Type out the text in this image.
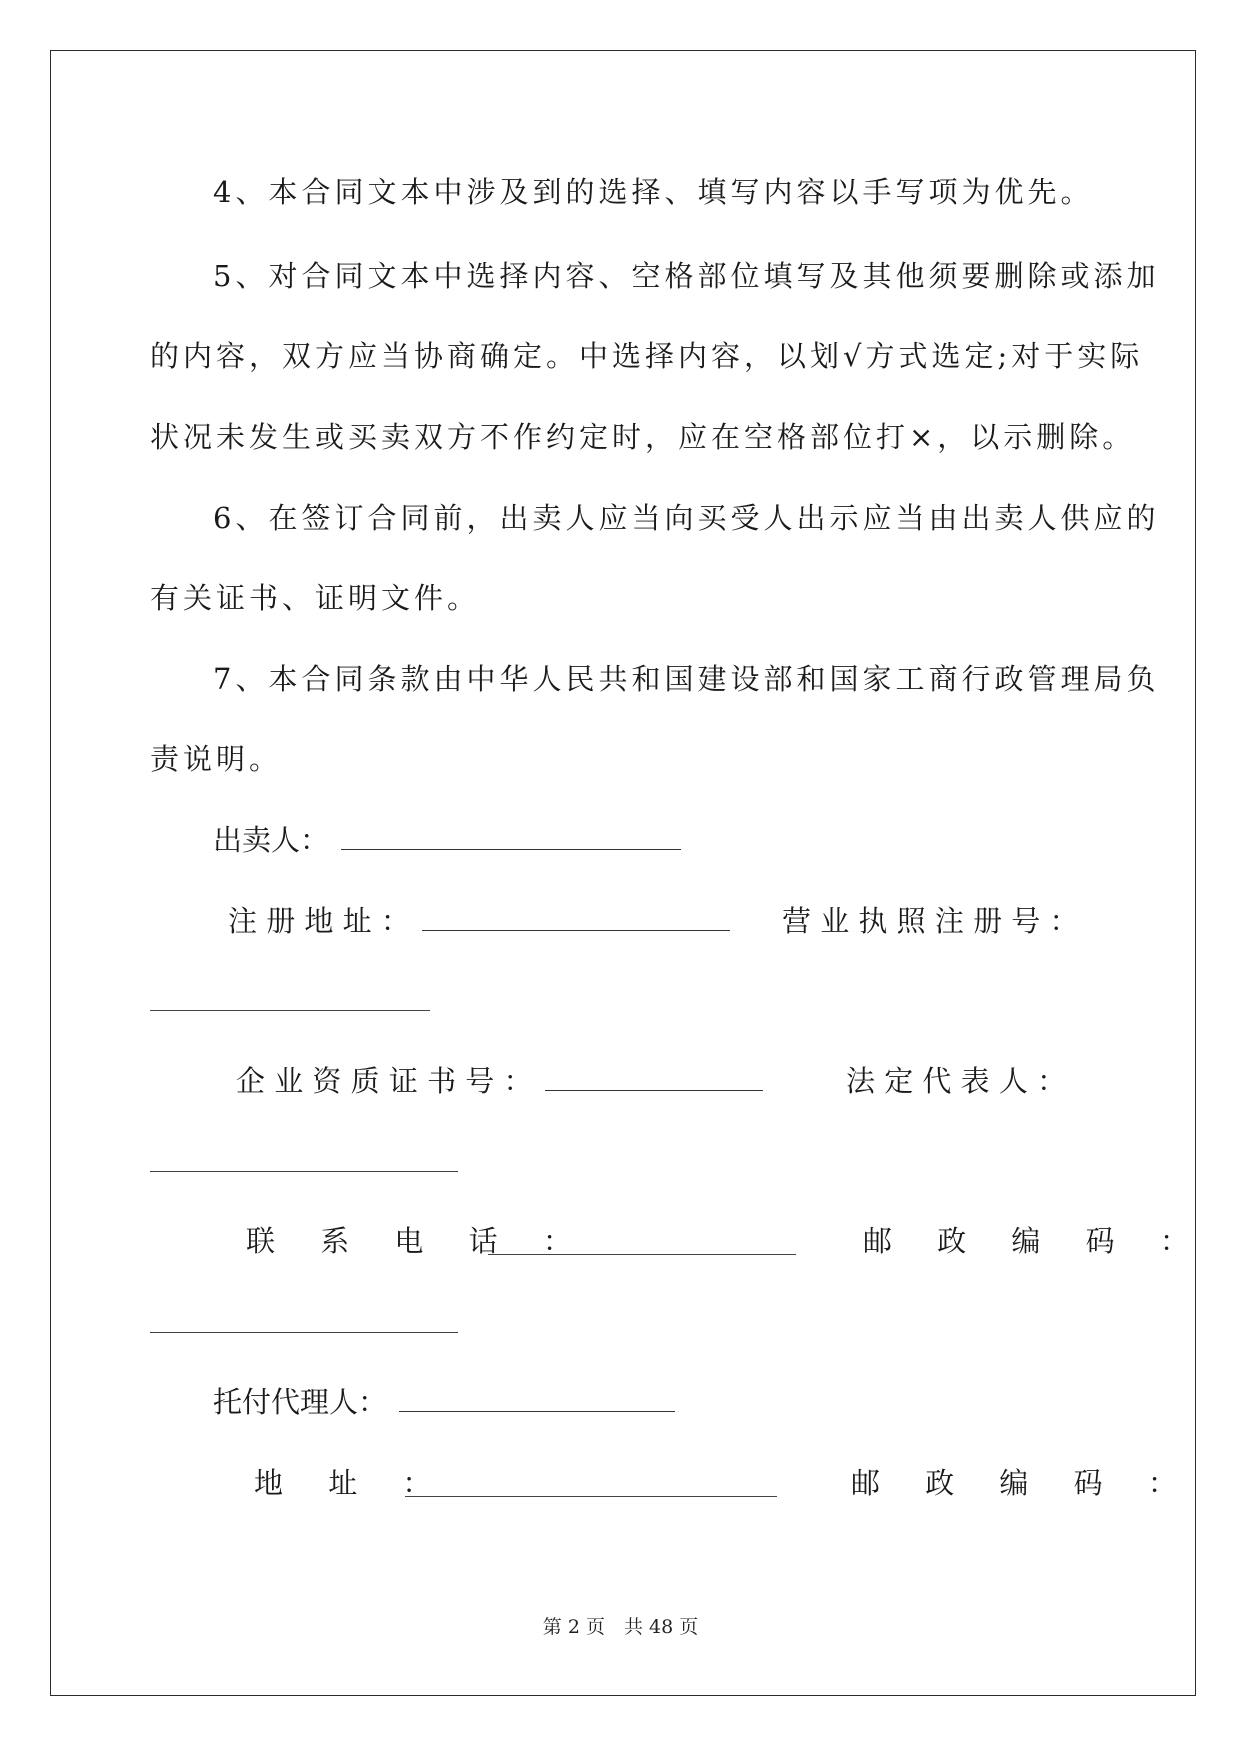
4、本合同文本中涉及到的选择、填写内容以手写项为优先。
5、对合同文本中选择内容、空格部位填写及其他须要删除或添加
的内容，双方应当协商确定。中选择内容，以划√方式选定;对于实际
状况未发生或买卖双方不作约定时，应在空格部位打×，以示删除。
6、在签订合同前，出卖人应当向买受人出示应当由出卖人供应的
有关证书、证明文件。
7、本合同条款由中华人民共和国建设部和国家工商行政管理局负
责说明。
出卖人：
注 册 地 址 ：	营 业 执 照 注 册 号 ：
企 业 资 质 证 书 号 ：	法 定 代 表 人 ：
联 系 电 话 ：	邮 政 编 码 ：
托付代理人：
地 址 ：	邮 政 编 码 ：
第 2 页　共 48 页
